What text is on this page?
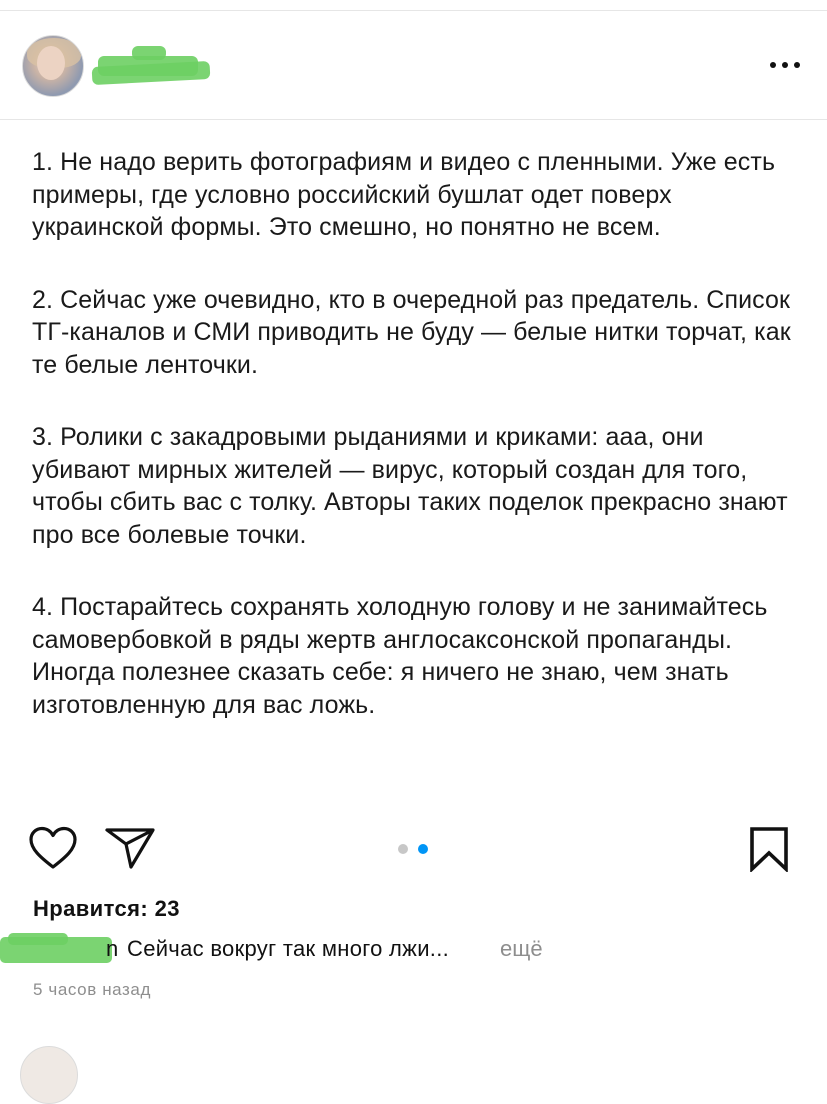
1. Не надо верить фотографиям и видео с пленными. Уже есть примеры, где условно российский бушлат одет поверх украинской формы. Это смешно, но понятно не всем.

2. Сейчас уже очевидно, кто в очередной раз предатель. Список ТГ-каналов и СМИ приводить не буду — белые нитки торчат, как те белые ленточки.

3. Ролики с закадровыми рыданиями и криками: ааа, они убивают мирных жителей — вирус, который создан для того, чтобы сбить вас с толку. Авторы таких поделок прекрасно знают про все болевые точки.

4. Постарайтесь сохранять холодную голову и не занимайтесь самовербовкой в ряды жертв англосаксонской пропаганды. Иногда полезнее сказать себе: я ничего не знаю, чем знать изготовленную для вас ложь.

Нравится: 23
n Сейчас вокруг так много лжи... ещё
5 часов назад
